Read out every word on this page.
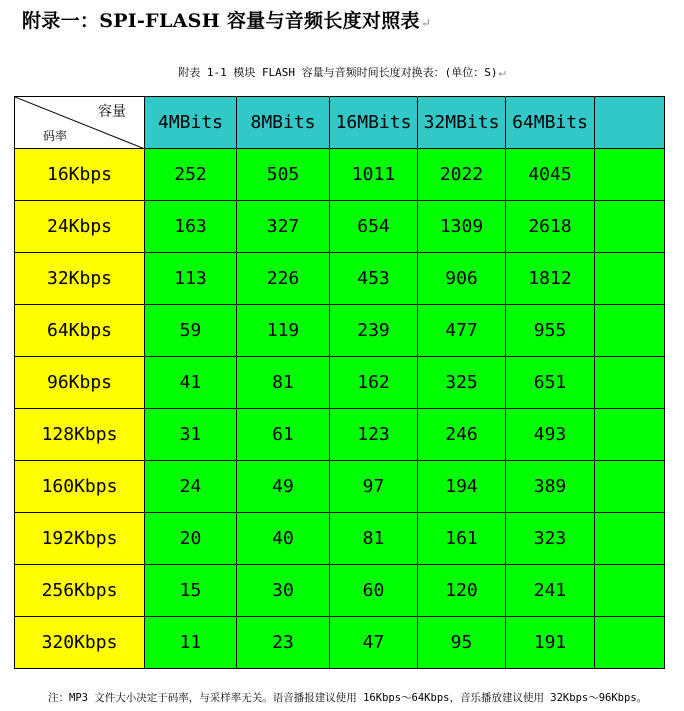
附录一：SPI-FLASH 容量与音频长度对照表↵
附表 1-1 模块 FLASH 容量与音频时间长度对换表：(单位：S)↵
容量
码率	4MBits	8MBits	16MBits	32MBits	64MBits	
16Kbps	252	505	1011	2022	4045	
24Kbps	163	327	654	1309	2618	
32Kbps	113	226	453	906	1812	
64Kbps	59	119	239	477	955	
96Kbps	41	81	162	325	651	
128Kbps	31	61	123	246	493	
160Kbps	24	49	97	194	389	
192Kbps	20	40	81	161	323	
256Kbps	15	30	60	120	241	
320Kbps	11	23	47	95	191	
注：MP3 文件大小决定于码率，与采样率无关。语音播报建议使用 16Kbps～64Kbps，音乐播放建议使用 32Kbps～96Kbps。
